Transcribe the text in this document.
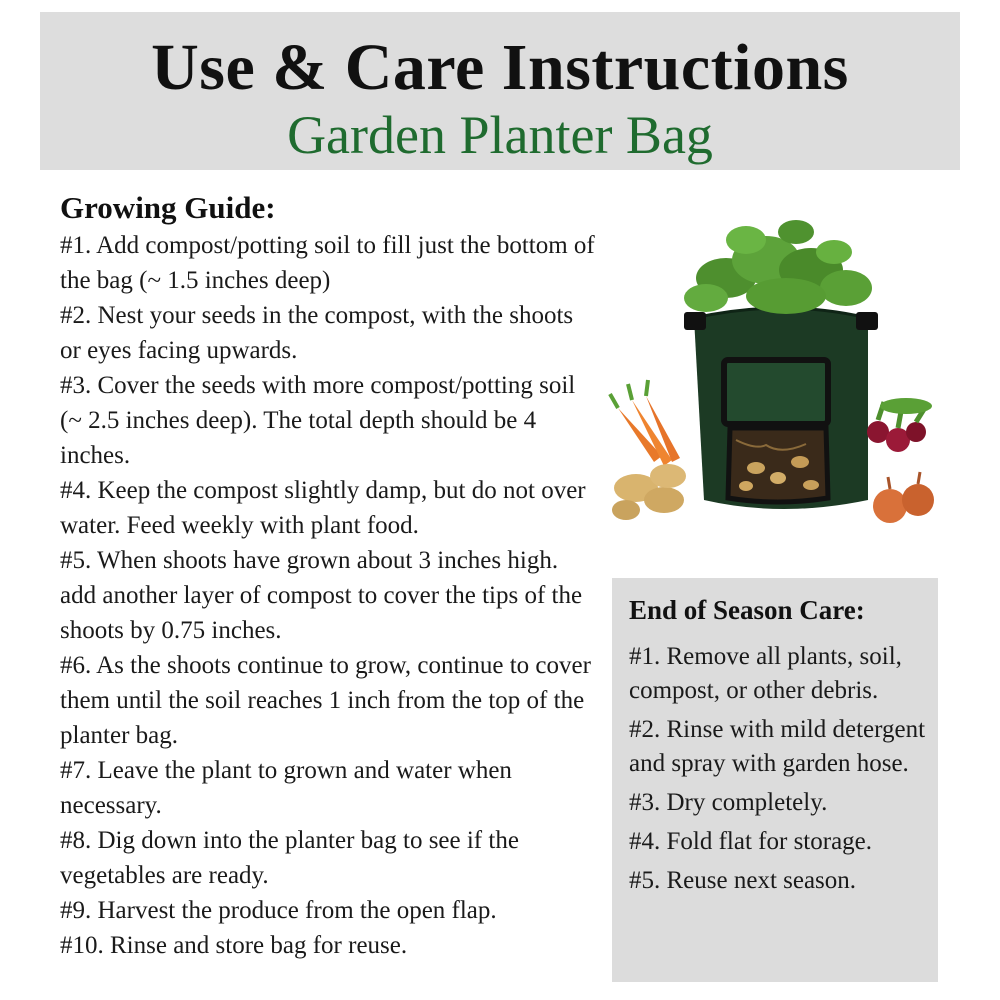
Use & Care Instructions
Garden Planter Bag
Growing Guide:
#1. Add compost/potting soil to fill just the bottom of the bag (~ 1.5 inches deep)
#2. Nest your seeds in the compost, with the shoots or eyes facing upwards.
#3. Cover the seeds with more compost/potting soil (~ 2.5 inches deep). The total depth should be 4 inches.
#4. Keep the compost slightly damp, but do not over water. Feed weekly with plant food.
#5. When shoots have grown about 3 inches high. add another layer of compost to cover the tips of the shoots by 0.75 inches.
#6. As the shoots continue to grow, continue to cover them until the soil reaches 1 inch from the top of the planter bag.
#7. Leave the plant to grown and water when necessary.
#8. Dig down into the planter bag to see if the vegetables are ready.
#9. Harvest the produce from the open flap.
#10. Rinse and store bag for reuse.
End of Season Care:
#1. Remove all plants, soil, compost, or other debris.
#2. Rinse with mild detergent and spray with garden hose.
#3. Dry completely.
#4. Fold flat for storage.
#5. Reuse next season.
